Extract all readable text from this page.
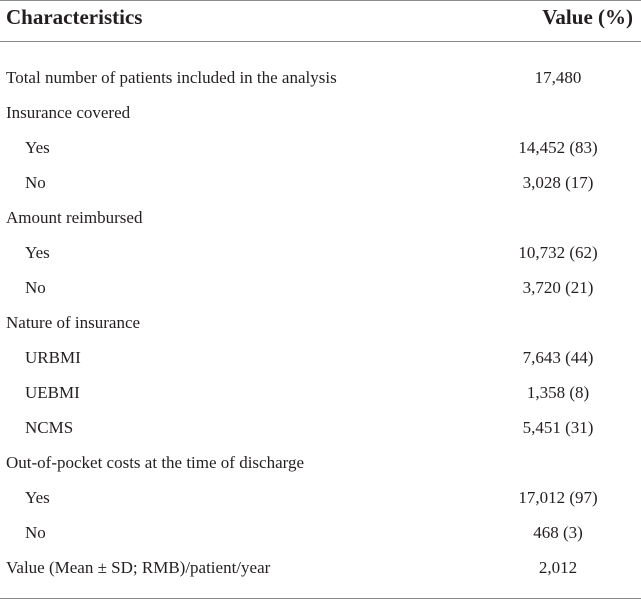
Characteristics	Value (%)
Total number of patients included in the analysis	17,480
Insurance covered
Yes	14,452 (83)
No	3,028 (17)
Amount reimbursed
Yes	10,732 (62)
No	3,720 (21)
Nature of insurance
URBMI	7,643 (44)
UEBMI	1,358 (8)
NCMS	5,451 (31)
Out-of-pocket costs at the time of discharge
Yes	17,012 (97)
No	468 (3)
Value (Mean ± SD; RMB)/patient/year	2,012
